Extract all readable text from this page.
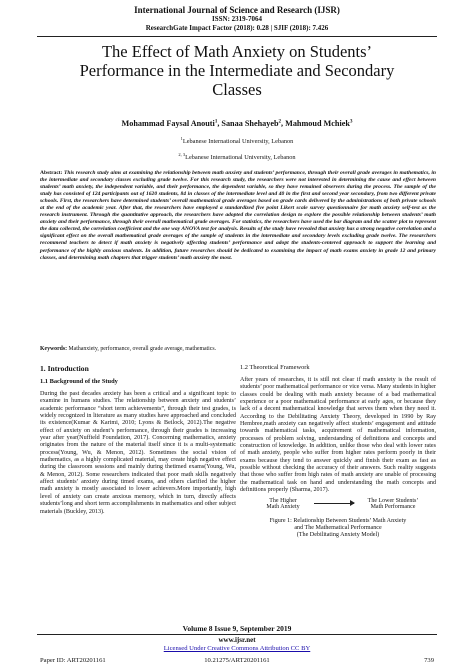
International Journal of Science and Research (IJSR)
ISSN: 2319-7064
ResearchGate Impact Factor (2018): 0.28 | SJIF (2018): 7.426
The Effect of Math Anxiety on Students’
Performance in the Intermediate and Secondary
Classes
Mohammad Faysal Anouti$^1$, Sanaa Shehayeb$^2$, Mahmoud Mchiek$^3$
$^1$Lebanese International University, Lebanon
$^{2, 3}$Lebanese International University, Lebanon
Abstract: This research study aims at examining the relationship between math anxiety and students’ performance, through their overall grade averages in mathematics, in the intermediate and secondary classes excluding grade twelve. For this research study, the researchers were not interested in determining the cause and effect between students’ math anxiety, the independent variable, and their performance, the dependent variable, so they have remained observers during the process. The sample of the study has consisted of 124 participants out of 1620 students, 84 in classes of the intermediate level and 40 in the first and second year secondary, from two different private schools. First, the researchers have determined students’ overall mathematical grade averages based on grade cards delivered by the administrations of both private schools at the end of the academic year. After that, the researchers have employed a standardized five point Likert scale survey questionnaire for math anxiety self-test as the research instrument. Through the quantitative approach, the researchers have adopted the correlation design to explore the possible relationship between students’ math anxiety and their performance, through their overall mathematical grade averages. For statistics, the researchers have used the bar diagram and the scatter plot to represent the data collected, the correlation coefficient and the one way ANOVA test for analysis. Results of the study have revealed that anxiety has a strong negative correlation and a significant effect on the overall mathematical grade averages of the sample of students in the intermediate and secondary levels excluding grade twelve. The researchers recommend teachers to detect if math anxiety is negatively affecting students’ performance and adopt the students-centered approach to support the learning and performance of the highly anxious students. In addition, future researches should be dedicated to examining the impact of math exams anxiety in grade 12 and primary classes, and determining math chapters that trigger students’ math anxiety the most.
Keywords: Mathanxiety, performance, overall grade average, mathematics.
1. Introduction
1.1 Background of the Study

During the past decades anxiety has been a critical and a significant topic to examine in humans studies. The relationship between anxiety and students’ academic performance “short term achievements”, through their test grades, is widely recognized in literature as many studies have approached and concluded its existence(Kumar & Karimi, 2010; Lyons & Beilock, 2012).The negative effect of anxiety on student’s performance, through their grades is increasing year after year(Nuffield Foundation, 2017). Concerning mathematics, anxiety originates from the nature of the material itself since it is a multi-systematic process(Young, Wu, & Menon, 2012). Sometimes the social vision of mathematics, as a highly complicated material, may create high negative effect during the classroom sessions and mainly during thetimed exams(Young, Wu, & Menon, 2012). Some researchers indicated that poor math skills negatively affect students’ anxiety during timed exams, and others clarified the higher math anxiety is mostly associated to lower achievers.More importantly, high level of anxiety can create anxious memory, which in turn, directly affects students’long and short term accomplishments in mathematics and other subject materials (Buckley, 2013).

1.2 Theoretical Framework

After years of researches, it is still not clear if math anxiety is the result of students’ poor mathematical performance or vice versa. Many students in higher classes could be dealing with math anxiety because of a bad mathematical experience or a poor mathematical performance at early ages, or because they lack of a decent mathematical knowledge that serves them when they need it. According to the Debilitating Anxiety Theory, developed in 1990 by Ray Hembree,math anxiety can negatively affect students’ engagement and attitude towards mathematical tasks, acquirement of mathematical information, processes of problem solving, understanding of definitions and concepts and construction of knowledge. In addition, unlike those who deal with lower rates of math anxiety, people who suffer from higher rates perform poorly in their exams because they tend to answer quickly and finish their exam as fast as possible without checking the accuracy of their answers. Such reality suggests that those who suffer from high rates of math anxiety are unable of processing the mathematical task on hand and understanding the math concepts and definitions properly (Sharma, 2017).

The Higher
Math Anxiety
The Lower Students’
Math Performance
Figure 1: Relationship Between Students’ Math Anxiety
and The Mathematical Performance
(The Debilitating Anxiety Model)
Volume 8 Issue 9, September 2019
www.ijsr.net
Licensed Under Creative Commons Attribution CC BY
Paper ID: ART20201161	10.21275/ART20201161	739
